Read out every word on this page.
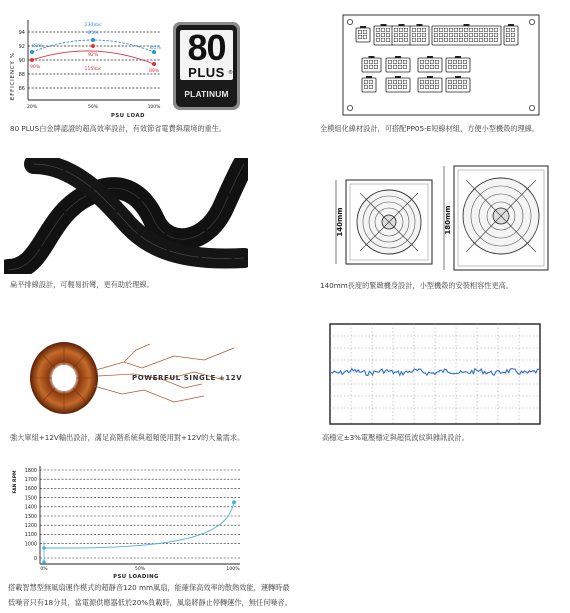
EFFICIENCY %
94
92
90
88
86
20%	50%	100%
PSU LOAD
230Vac
Ø5%
Ø1%	Ø1%
90%
92%
115Vac	89%
80
PLUS
PLATINUM
®
80 PLUS白金牌認證的超高效率設計，有效節省電費與環境的重生。	全模組化線材設計，可搭配PP05-E短線材組，方便小型機殼的理線。
扁平排線設計，可輕易折彎，更有助於理線。
140mm	180mm
140mm長度的緊緻機身設計，小型機殼的安裝相容性更高。
POWERFUL SINGLE +12V
強大單組+12V輸出設計，滿足高階系統與超頻使用對+12V的大量需求。	高穩定±3%電壓穩定與超低波紋與雜訊設計。
FAN RPM 1800
1700
1600
1500
1400
1300
1200
1100
1000
0
0%	50%	100%
PSU LOADING
搭載智慧型無風扇運作模式的超靜音120 mm風扇，能確保高效率的散熱效能，運轉時最
低噪音只有18分貝，當電源供應器低於20%負載時，風扇將靜止停轉運作，無任何噪音。
